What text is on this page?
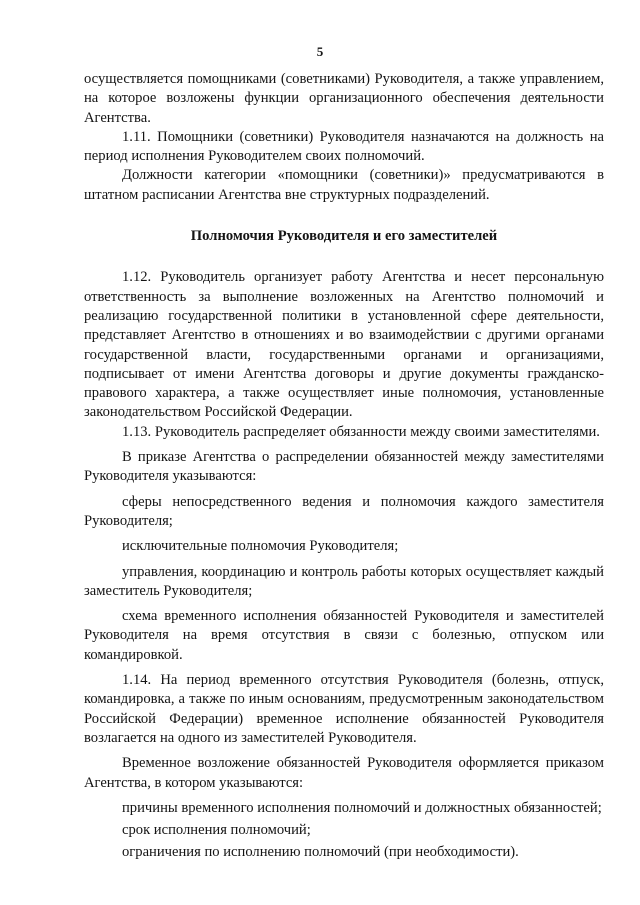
5

осуществляется помощниками (советниками) Руководителя, а также управлением, на которое возложены функции организационного обеспечения деятельности Агентства.

1.11. Помощники (советники) Руководителя назначаются на должность на период исполнения Руководителем своих полномочий.

Должности категории «помощники (советники)» предусматриваются в штатном расписании Агентства вне структурных подразделений.

Полномочия Руководителя и его заместителей

1.12. Руководитель организует работу Агентства и несет персональную ответственность за выполнение возложенных на Агентство полномочий и реализацию государственной политики в установленной сфере деятельности, представляет Агентство в отношениях и во взаимодействии с другими органами государственной власти, государственными органами и организациями, подписывает от имени Агентства договоры и другие документы гражданско-правового характера, а также осуществляет иные полномочия, установленные законодательством Российской Федерации.

1.13. Руководитель распределяет обязанности между своими заместителями.

В приказе Агентства о распределении обязанностей между заместителями Руководителя указываются:

сферы непосредственного ведения и полномочия каждого заместителя Руководителя;

исключительные полномочия Руководителя;

управления, координацию и контроль работы которых осуществляет каждый заместитель Руководителя;

схема временного исполнения обязанностей Руководителя и заместителей Руководителя на время отсутствия в связи с болезнью, отпуском или командировкой.

1.14. На период временного отсутствия Руководителя (болезнь, отпуск, командировка, а также по иным основаниям, предусмотренным законодательством Российской Федерации) временное исполнение обязанностей Руководителя возлагается на одного из заместителей Руководителя.

Временное возложение обязанностей Руководителя оформляется приказом Агентства, в котором указываются:

причины временного исполнения полномочий и должностных обязанностей;

срок исполнения полномочий;

ограничения по исполнению полномочий (при необходимости).
